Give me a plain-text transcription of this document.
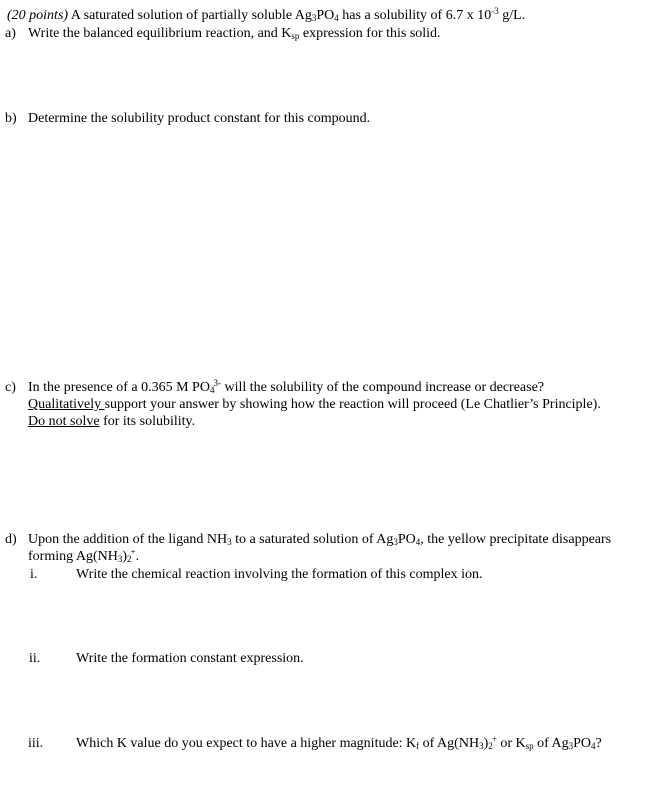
(20 points) A saturated solution of partially soluble $Ag_3PO_4$ has a solubility of 6.7 x $10^{-3}$ g/L.
a) Write the balanced equilibrium reaction, and $K_{sp}$ expression for this solid.
b) Determine the solubility product constant for this compound.
c) In the presence of a 0.365 M $PO_4^{3-}$ will the solubility of the compound increase or decrease?
Qualitatively support your answer by showing how the reaction will proceed (Le Chatlier’s Principle).
Do not solve for its solubility.
d) Upon the addition of the ligand $NH_3$ to a saturated solution of $Ag_3PO_4$, the yellow precipitate disappears
forming $Ag(NH_3)_2^+$.
i.	Write the chemical reaction involving the formation of this complex ion.
ii.	Write the formation constant expression.
iii. Which K value do you expect to have a higher magnitude: $K_f$ of $Ag(NH_3)_2^+$ or $K_{sp}$ of $Ag_3PO_4$?
